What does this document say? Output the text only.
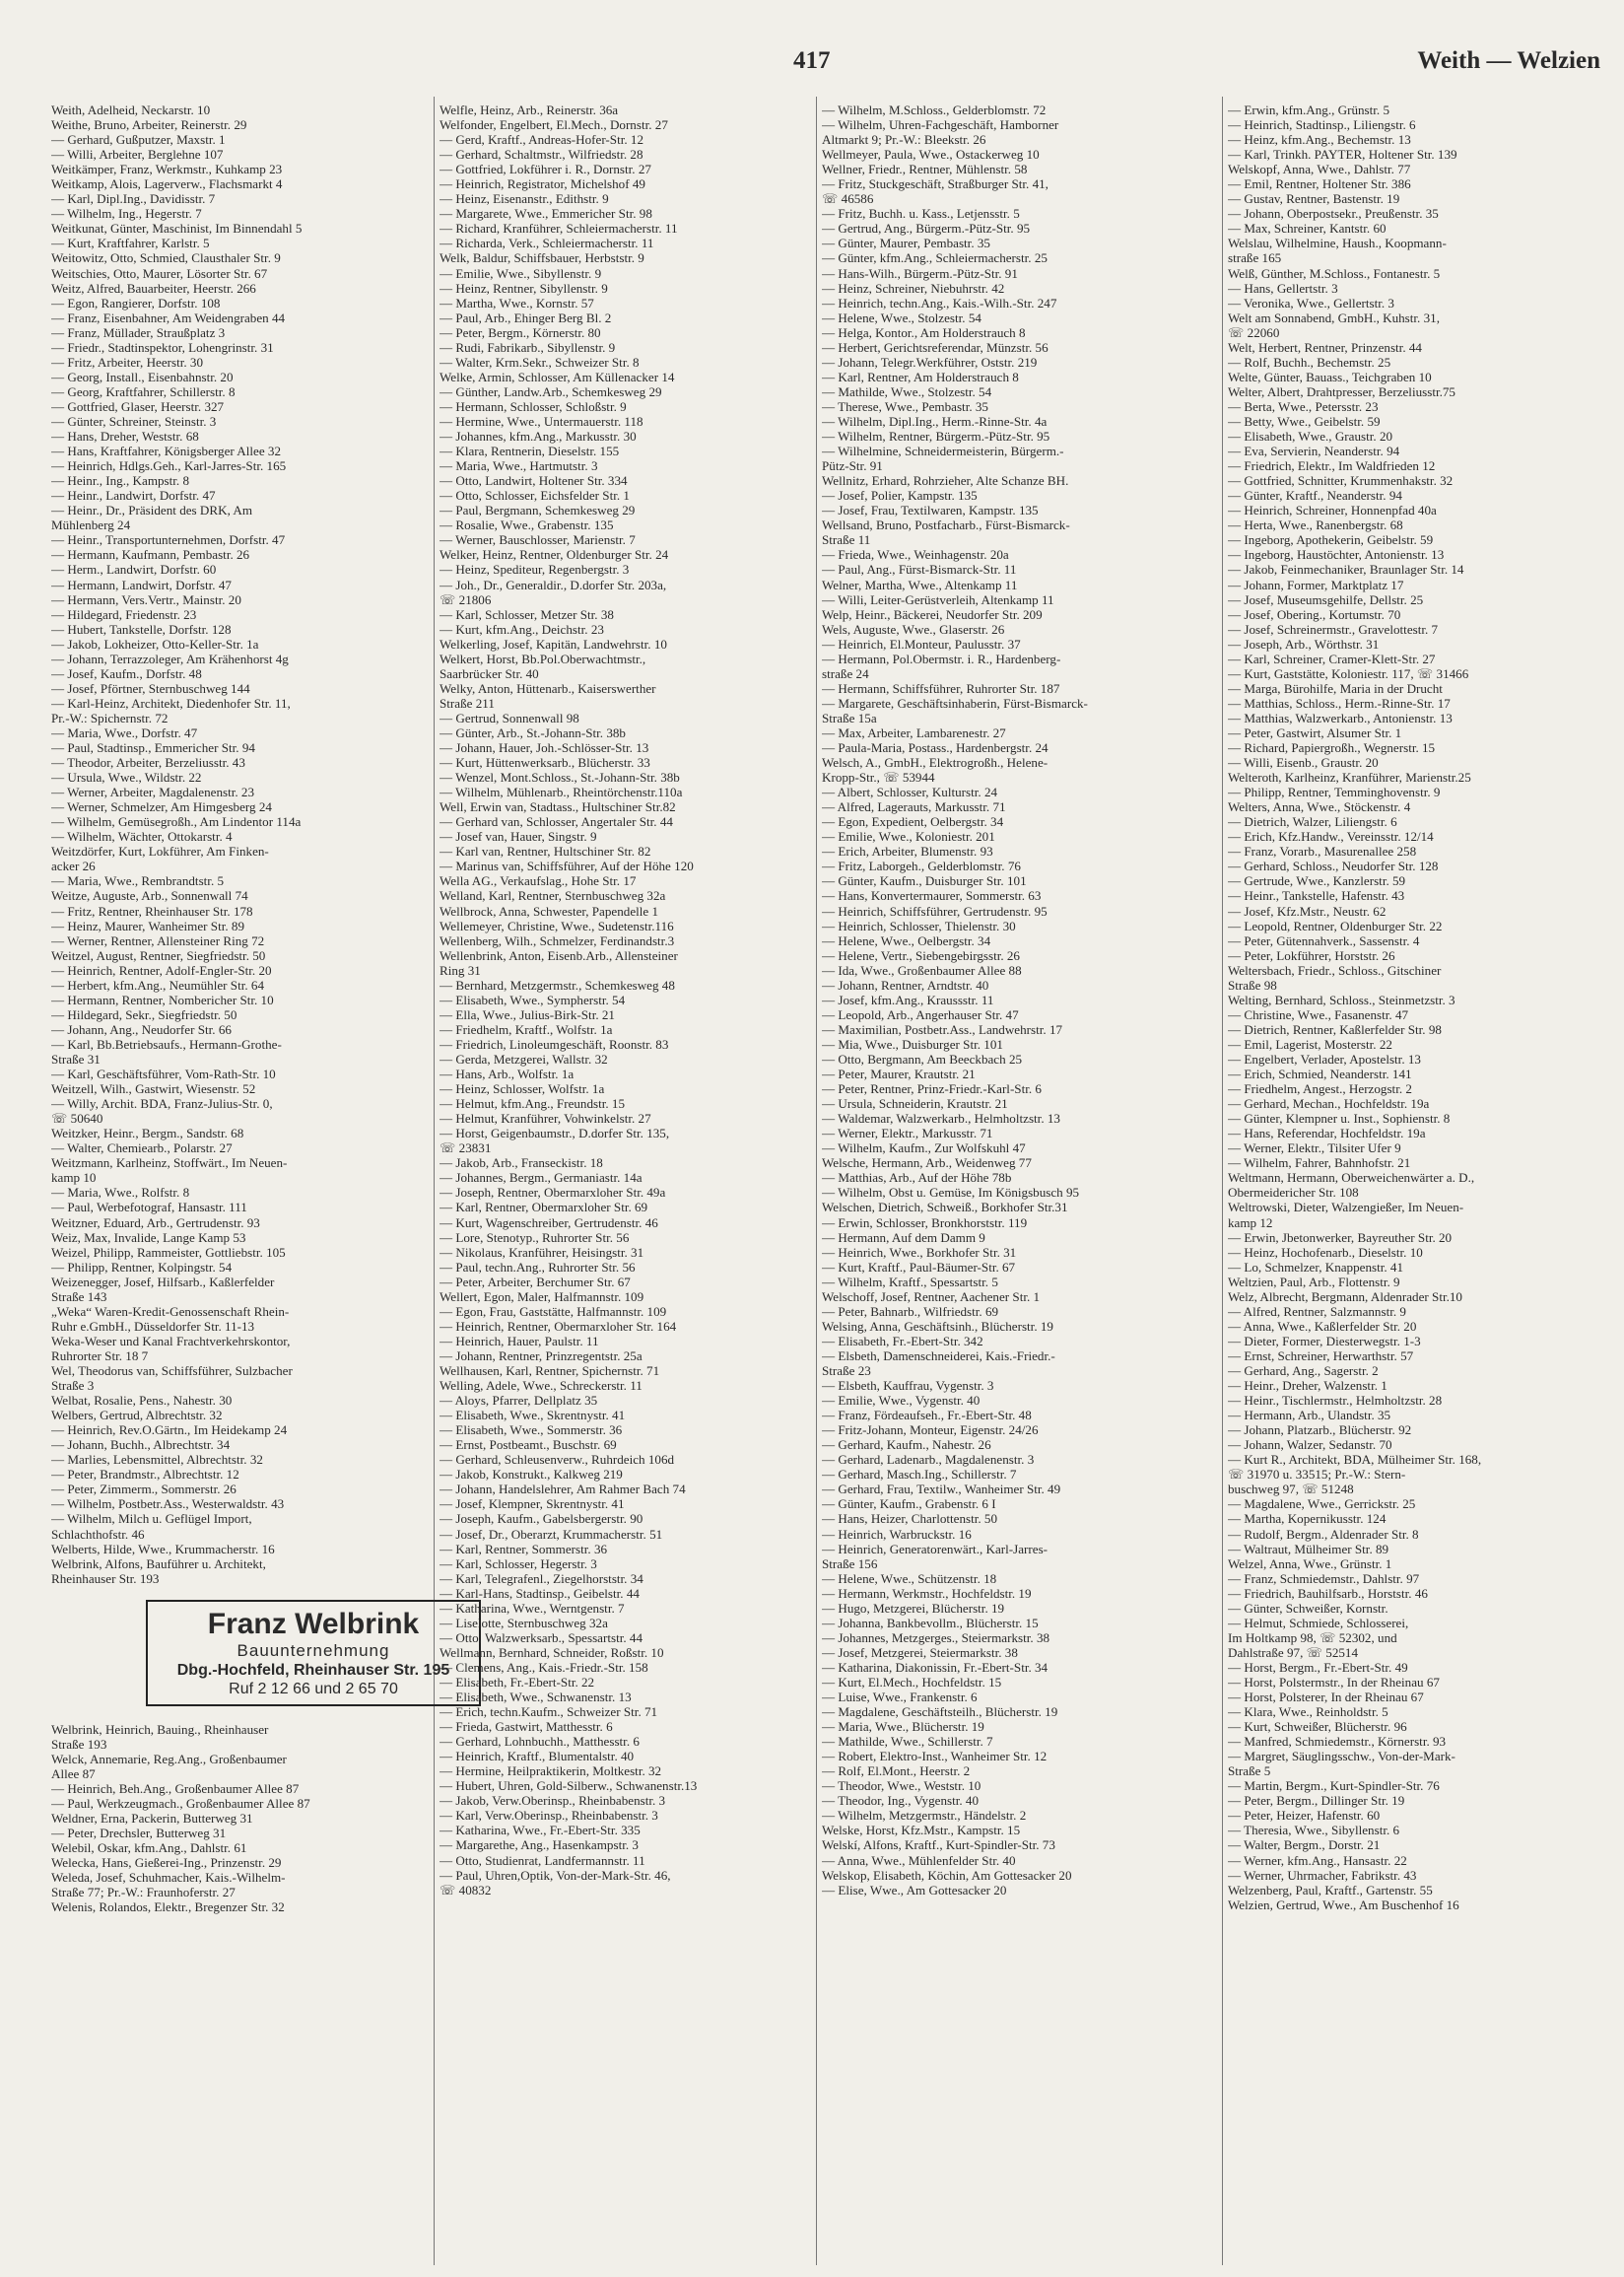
417	Weith — Welzien
Weith, Adelheid, Neckarstr. 10
Weithe, Bruno, Arbeiter, Reinerstr. 29
— Gerhard, Gußputzer, Maxstr. 1
— Willi, Arbeiter, Berglehne 107
Weitkämper, Franz, Werkmstr., Kuhkamp 23
Weitkamp, Alois, Lagerverw., Flachsmarkt 4
— Karl, Dipl.Ing., Davidisstr. 7
— Wilhelm, Ing., Hegerstr. 7
Weitkunat, Günter, Maschinist, Im Binnendahl 5
— Kurt, Kraftfahrer, Karlstr. 5
Weitowitz, Otto, Schmied, Clausthaler Str. 9
Weitschies, Otto, Maurer, Lösorter Str. 67
Weitz, Alfred, Bauarbeiter, Heerstr. 266
— Egon, Rangierer, Dorfstr. 108
— Franz, Eisenbahner, Am Weidengraben 44
— Franz, Müllader, Straußplatz 3
— Friedr., Stadtinspektor, Lohengrinstr. 31
— Fritz, Arbeiter, Heerstr. 30
— Georg, Install., Eisenbahnstr. 20
— Georg, Kraftfahrer, Schillerstr. 8
— Gottfried, Glaser, Heerstr. 327
— Günter, Schreiner, Steinstr. 3
— Hans, Dreher, Weststr. 68
— Hans, Kraftfahrer, Königsberger Allee 32
— Heinrich, Hdlgs.Geh., Karl-Jarres-Str. 165
— Heinr., Ing., Kampstr. 8
— Heinr., Landwirt, Dorfstr. 47
— Heinr., Dr., Präsident des DRK, Am
Mühlenberg 24
— Heinr., Transportunternehmen, Dorfstr. 47
— Hermann, Kaufmann, Pembastr. 26
— Herm., Landwirt, Dorfstr. 60
— Hermann, Landwirt, Dorfstr. 47
— Hermann, Vers.Vertr., Mainstr. 20
— Hildegard, Friedenstr. 23
— Hubert, Tankstelle, Dorfstr. 128
— Jakob, Lokheizer, Otto-Keller-Str. 1a
— Johann, Terrazzoleger, Am Krähenhorst 4g
— Josef, Kaufm., Dorfstr. 48
— Josef, Pförtner, Sternbuschweg 144
— Karl-Heinz, Architekt, Diedenhofer Str. 11,
Pr.-W.: Spichernstr. 72
— Maria, Wwe., Dorfstr. 47
— Paul, Stadtinsp., Emmericher Str. 94
— Theodor, Arbeiter, Berzeliusstr. 43
— Ursula, Wwe., Wildstr. 22
— Werner, Arbeiter, Magdalenenstr. 23
— Werner, Schmelzer, Am Himgesberg 24
— Wilhelm, Gemüsegroßh., Am Lindentor 114a
— Wilhelm, Wächter, Ottokarstr. 4
Weitzdörfer, Kurt, Lokführer, Am Finken-
acker 26
— Maria, Wwe., Rembrandtstr. 5
Weitze, Auguste, Arb., Sonnenwall 74
— Fritz, Rentner, Rheinhauser Str. 178
— Heinz, Maurer, Wanheimer Str. 89
— Werner, Rentner, Allensteiner Ring 72
Weitzel, August, Rentner, Siegfriedstr. 50
— Heinrich, Rentner, Adolf-Engler-Str. 20
— Herbert, kfm.Ang., Neumühler Str. 64
— Hermann, Rentner, Nombericher Str. 10
— Hildegard, Sekr., Siegfriedstr. 50
— Johann, Ang., Neudorfer Str. 66
— Karl, Bb.Betriebsaufs., Hermann-Grothe-
Straße 31
— Karl, Geschäftsführer, Vom-Rath-Str. 10
Weitzell, Wilh., Gastwirt, Wiesenstr. 52
— Willy, Archit. BDA, Franz-Julius-Str. 0,
☏ 50640
Weitzker, Heinr., Bergm., Sandstr. 68
— Walter, Chemiearb., Polarstr. 27
Weitzmann, Karlheinz, Stoffwärt., Im Neuen-
kamp 10
— Maria, Wwe., Rolfstr. 8
— Paul, Werbefotograf, Hansastr. 111
Weitzner, Eduard, Arb., Gertrudenstr. 93
Weiz, Max, Invalide, Lange Kamp 53
Weizel, Philipp, Rammeister, Gottliebstr. 105
— Philipp, Rentner, Kolpingstr. 54
Weizenegger, Josef, Hilfsarb., Kaßlerfelder
Straße 143
„Weka“ Waren-Kredit-Genossenschaft Rhein-
Ruhr e.GmbH., Düsseldorfer Str. 11-13
Weka-Weser und Kanal Frachtverkehrskontor,
Ruhrorter Str. 18 7
Wel, Theodorus van, Schiffsführer, Sulzbacher
Straße 3
Welbat, Rosalie, Pens., Nahestr. 30
Welbers, Gertrud, Albrechtstr. 32
— Heinrich, Rev.O.Gärtn., Im Heidekamp 24
— Johann, Buchh., Albrechtstr. 34
— Marlies, Lebensmittel, Albrechtstr. 32
— Peter, Brandmstr., Albrechtstr. 12
— Peter, Zimmerm., Sommerstr. 26
— Wilhelm, Postbetr.Ass., Westerwaldstr. 43
— Wilhelm, Milch u. Geflügel Import,
Schlachthofstr. 46
Welberts, Hilde, Wwe., Krummacherstr. 16
Welbrink, Alfons, Bauführer u. Architekt,
Rheinhauser Str. 193
Franz Welbrink
Bauunternehmung
Dbg.-Hochfeld, Rheinhauser Str. 195
Ruf 2 12 66 und 2 65 70
Welbrink, Heinrich, Bauing., Rheinhauser
Straße 193
Welck, Annemarie, Reg.Ang., Großenbaumer
Allee 87
— Heinrich, Beh.Ang., Großenbaumer Allee 87
— Paul, Werkzeugmach., Großenbaumer Allee 87
Weldner, Erna, Packerin, Butterweg 31
— Peter, Drechsler, Butterweg 31
Welebil, Oskar, kfm.Ang., Dahlstr. 61
Welecka, Hans, Gießerei-Ing., Prinzenstr. 29
Weleda, Josef, Schuhmacher, Kais.-Wilhelm-
Straße 77; Pr.-W.: Fraunhoferstr. 27
Welenis, Rolandos, Elektr., Bregenzer Str. 32
Welfle, Heinz, Arb., Reinerstr. 36a
Welfonder, Engelbert, El.Mech., Dornstr. 27
— Gerd, Kraftf., Andreas-Hofer-Str. 12
— Gerhard, Schaltmstr., Wilfriedstr. 28
— Gottfried, Lokführer i. R., Dornstr. 27
— Heinrich, Registrator, Michelshof 49
— Heinz, Eisenanstr., Edithstr. 9
— Margarete, Wwe., Emmericher Str. 98
— Richard, Kranführer, Schleiermacherstr. 11
— Richarda, Verk., Schleiermacherstr. 11
Welk, Baldur, Schiffsbauer, Herbststr. 9
— Emilie, Wwe., Sibyllenstr. 9
— Heinz, Rentner, Sibyllenstr. 9
— Martha, Wwe., Kornstr. 57
— Paul, Arb., Ehinger Berg Bl. 2
— Peter, Bergm., Körnerstr. 80
— Rudi, Fabrikarb., Sibyllenstr. 9
— Walter, Krm.Sekr., Schweizer Str. 8
Welke, Armin, Schlosser, Am Küllenacker 14
— Günther, Landw.Arb., Schemkesweg 29
— Hermann, Schlosser, Schloßstr. 9
— Hermine, Wwe., Untermauerstr. 118
— Johannes, kfm.Ang., Markusstr. 30
— Klara, Rentnerin, Dieselstr. 155
— Maria, Wwe., Hartmutstr. 3
— Otto, Landwirt, Holtener Str. 334
— Otto, Schlosser, Eichsfelder Str. 1
— Paul, Bergmann, Schemkesweg 29
— Rosalie, Wwe., Grabenstr. 135
— Werner, Bauschlosser, Marienstr. 7
Welker, Heinz, Rentner, Oldenburger Str. 24
— Heinz, Spediteur, Regenbergstr. 3
— Joh., Dr., Generaldir., D.dorfer Str. 203a,
☏ 21806
— Karl, Schlosser, Metzer Str. 38
— Kurt, kfm.Ang., Deichstr. 23
Welkerling, Josef, Kapitän, Landwehrstr. 10
Welkert, Horst, Bb.Pol.Oberwachtmstr.,
Saarbrücker Str. 40
Welky, Anton, Hüttenarb., Kaiserswerther
Straße 211
— Gertrud, Sonnenwall 98
— Günter, Arb., St.-Johann-Str. 38b
— Johann, Hauer, Joh.-Schlösser-Str. 13
— Kurt, Hüttenwerksarb., Blücherstr. 33
— Wenzel, Mont.Schloss., St.-Johann-Str. 38b
— Wilhelm, Mühlenarb., Rheintörchenstr.110a
Well, Erwin van, Stadtass., Hultschiner Str.82
— Gerhard van, Schlosser, Angertaler Str. 44
— Josef van, Hauer, Singstr. 9
— Karl van, Rentner, Hultschiner Str. 82
— Marinus van, Schiffsführer, Auf der Höhe 120
Wella AG., Verkaufslag., Hohe Str. 17
Welland, Karl, Rentner, Sternbuschweg 32a
Wellbrock, Anna, Schwester, Papendelle 1
Wellemeyer, Christine, Wwe., Sudetenstr.116
Wellenberg, Wilh., Schmelzer, Ferdinandstr.3
Wellenbrink, Anton, Eisenb.Arb., Allensteiner
Ring 31
— Bernhard, Metzgermstr., Schemkesweg 48
— Elisabeth, Wwe., Sympherstr. 54
— Ella, Wwe., Julius-Birk-Str. 21
— Friedhelm, Kraftf., Wolfstr. 1a
— Friedrich, Linoleumgeschäft, Roonstr. 83
— Gerda, Metzgerei, Wallstr. 32
— Hans, Arb., Wolfstr. 1a
— Heinz, Schlosser, Wolfstr. 1a
— Helmut, kfm.Ang., Freundstr. 15
— Helmut, Kranführer, Vohwinkelstr. 27
— Horst, Geigenbaumstr., D.dorfer Str. 135,
☏ 23831
— Jakob, Arb., Franseckistr. 18
— Johannes, Bergm., Germaniastr. 14a
— Joseph, Rentner, Obermarxloher Str. 49a
— Karl, Rentner, Obermarxloher Str. 69
— Kurt, Wagenschreiber, Gertrudenstr. 46
— Lore, Stenotyp., Ruhrorter Str. 56
— Nikolaus, Kranführer, Heisingstr. 31
— Paul, techn.Ang., Ruhrorter Str. 56
— Peter, Arbeiter, Berchumer Str. 67
Wellert, Egon, Maler, Halfmannstr. 109
— Egon, Frau, Gaststätte, Halfmannstr. 109
— Heinrich, Rentner, Obermarxloher Str. 164
— Heinrich, Hauer, Paulstr. 11
— Johann, Rentner, Prinzregentstr. 25a
Wellhausen, Karl, Rentner, Spichernstr. 71
Welling, Adele, Wwe., Schreckerstr. 11
— Aloys, Pfarrer, Dellplatz 35
— Elisabeth, Wwe., Skrentnystr. 41
— Elisabeth, Wwe., Sommerstr. 36
— Ernst, Postbeamt., Buschstr. 69
— Gerhard, Schleusenverw., Ruhrdeich 106d
— Jakob, Konstrukt., Kalkweg 219
— Johann, Handelslehrer, Am Rahmer Bach 74
— Josef, Klempner, Skrentnystr. 41
— Joseph, Kaufm., Gabelsbergerstr. 90
— Josef, Dr., Oberarzt, Krummacherstr. 51
— Karl, Rentner, Sommerstr. 36
— Karl, Schlosser, Hegerstr. 3
— Karl, Telegrafenl., Ziegelhorststr. 34
— Karl-Hans, Stadtinsp., Geibelstr. 44
— Katharina, Wwe., Werntgenstr. 7
— Liselotte, Sternbuschweg 32a
— Otto, Walzwerksarb., Spessartstr. 44
Wellmann, Bernhard, Schneider, Roßstr. 10
— Clemens, Ang., Kais.-Friedr.-Str. 158
— Elisabeth, Fr.-Ebert-Str. 22
— Elisabeth, Wwe., Schwanenstr. 13
— Erich, techn.Kaufm., Schweizer Str. 71
— Frieda, Gastwirt, Matthesstr. 6
— Gerhard, Lohnbuchh., Matthesstr. 6
— Heinrich, Kraftf., Blumentalstr. 40
— Hermine, Heilpraktikerin, Moltkestr. 32
— Hubert, Uhren, Gold-Silberw., Schwanenstr.13
— Jakob, Verw.Oberinsp., Rheinbabenstr. 3
— Karl, Verw.Oberinsp., Rheinbabenstr. 3
— Katharina, Wwe., Fr.-Ebert-Str. 335
— Margarethe, Ang., Hasenkampstr. 3
— Otto, Studienrat, Landfermannstr. 11
— Paul, Uhren,Optik, Von-der-Mark-Str. 46,
☏ 40832
— Wilhelm, M.Schloss., Gelderblomstr. 72
— Wilhelm, Uhren-Fachgeschäft, Hamborner
Altmarkt 9; Pr.-W.: Bleekstr. 26
Wellmeyer, Paula, Wwe., Ostackerweg 10
Wellner, Friedr., Rentner, Mühlenstr. 58
— Fritz, Stuckgeschäft, Straßburger Str. 41,
☏ 46586
— Fritz, Buchh. u. Kass., Letjensstr. 5
— Gertrud, Ang., Bürgerm.-Pütz-Str. 95
— Günter, Maurer, Pembastr. 35
— Günter, kfm.Ang., Schleiermacherstr. 25
— Hans-Wilh., Bürgerm.-Pütz-Str. 91
— Heinz, Schreiner, Niebuhrstr. 42
— Heinrich, techn.Ang., Kais.-Wilh.-Str. 247
— Helene, Wwe., Stolzestr. 54
— Helga, Kontor., Am Holderstrauch 8
— Herbert, Gerichtsreferendar, Münzstr. 56
— Johann, Telegr.Werkführer, Oststr. 219
— Karl, Rentner, Am Holderstrauch 8
— Mathilde, Wwe., Stolzestr. 54
— Therese, Wwe., Pembastr. 35
— Wilhelm, Dipl.Ing., Herm.-Rinne-Str. 4a
— Wilhelm, Rentner, Bürgerm.-Pütz-Str. 95
— Wilhelmine, Schneidermeisterin, Bürgerm.-
Pütz-Str. 91
Wellnitz, Erhard, Rohrzieher, Alte Schanze BH.
— Josef, Polier, Kampstr. 135
— Josef, Frau, Textilwaren, Kampstr. 135
Wellsand, Bruno, Postfacharb., Fürst-Bismarck-
Straße 11
— Frieda, Wwe., Weinhagenstr. 20a
— Paul, Ang., Fürst-Bismarck-Str. 11
Welner, Martha, Wwe., Altenkamp 11
— Willi, Leiter-Gerüstverleih, Altenkamp 11
Welp, Heinr., Bäckerei, Neudorfer Str. 209
Wels, Auguste, Wwe., Glaserstr. 26
— Heinrich, El.Monteur, Paulusstr. 37
— Hermann, Pol.Obermstr. i. R., Hardenberg-
straße 24
— Hermann, Schiffsführer, Ruhrorter Str. 187
— Margarete, Geschäftsinhaberin, Fürst-Bismarck-
Straße 15a
— Max, Arbeiter, Lambarenestr. 27
— Paula-Maria, Postass., Hardenbergstr. 24
Welsch, A., GmbH., Elektrogroßh., Helene-
Kropp-Str., ☏ 53944
— Albert, Schlosser, Kulturstr. 24
— Alfred, Lagerauts, Markusstr. 71
— Egon, Expedient, Oelbergstr. 34
— Emilie, Wwe., Koloniestr. 201
— Erich, Arbeiter, Blumenstr. 93
— Fritz, Laborgeh., Gelderblomstr. 76
— Günter, Kaufm., Duisburger Str. 101
— Hans, Konvertermaurer, Sommerstr. 63
— Heinrich, Schiffsführer, Gertrudenstr. 95
— Heinrich, Schlosser, Thielenstr. 30
— Helene, Wwe., Oelbergstr. 34
— Helene, Vertr., Siebengebirgsstr. 26
— Ida, Wwe., Großenbaumer Allee 88
— Johann, Rentner, Arndtstr. 40
— Josef, kfm.Ang., Kraussstr. 11
— Leopold, Arb., Angerhauser Str. 47
— Maximilian, Postbetr.Ass., Landwehrstr. 17
— Mia, Wwe., Duisburger Str. 101
— Otto, Bergmann, Am Beeckbach 25
— Peter, Maurer, Krautstr. 21
— Peter, Rentner, Prinz-Friedr.-Karl-Str. 6
— Ursula, Schneiderin, Krautstr. 21
— Waldemar, Walzwerkarb., Helmholtzstr. 13
— Werner, Elektr., Markusstr. 71
— Wilhelm, Kaufm., Zur Wolfskuhl 47
Welsche, Hermann, Arb., Weidenweg 77
— Matthias, Arb., Auf der Höhe 78b
— Wilhelm, Obst u. Gemüse, Im Königsbusch 95
Welschen, Dietrich, Schweiß., Borkhofer Str.31
— Erwin, Schlosser, Bronkhorststr. 119
— Hermann, Auf dem Damm 9
— Heinrich, Wwe., Borkhofer Str. 31
— Kurt, Kraftf., Paul-Bäumer-Str. 67
— Wilhelm, Kraftf., Spessartstr. 5
Welschoff, Josef, Rentner, Aachener Str. 1
— Peter, Bahnarb., Wilfriedstr. 69
Welsing, Anna, Geschäftsinh., Blücherstr. 19
— Elisabeth, Fr.-Ebert-Str. 342
— Elsbeth, Damenschneiderei, Kais.-Friedr.-
Straße 23
— Elsbeth, Kauffrau, Vygenstr. 3
— Emilie, Wwe., Vygenstr. 40
— Franz, Fördeaufseh., Fr.-Ebert-Str. 48
— Fritz-Johann, Monteur, Eigenstr. 24/26
— Gerhard, Kaufm., Nahestr. 26
— Gerhard, Ladenarb., Magdalenenstr. 3
— Gerhard, Masch.Ing., Schillerstr. 7
— Gerhard, Frau, Textilw., Wanheimer Str. 49
— Günter, Kaufm., Grabenstr. 6 I
— Hans, Heizer, Charlottenstr. 50
— Heinrich, Warbruckstr. 16
— Heinrich, Generatorenwärt., Karl-Jarres-
Straße 156
— Helene, Wwe., Schützenstr. 18
— Hermann, Werkmstr., Hochfeldstr. 19
— Hugo, Metzgerei, Blücherstr. 19
— Johanna, Bankbevollm., Blücherstr. 15
— Johannes, Metzgerges., Steiermarkstr. 38
— Josef, Metzgerei, Steiermarkstr. 38
— Katharina, Diakonissin, Fr.-Ebert-Str. 34
— Kurt, El.Mech., Hochfeldstr. 15
— Luise, Wwe., Frankenstr. 6
— Magdalene, Geschäftsteilh., Blücherstr. 19
— Maria, Wwe., Blücherstr. 19
— Mathilde, Wwe., Schillerstr. 7
— Robert, Elektro-Inst., Wanheimer Str. 12
— Rolf, El.Mont., Heerstr. 2
— Theodor, Wwe., Weststr. 10
— Theodor, Ing., Vygenstr. 40
— Wilhelm, Metzgermstr., Händelstr. 2
Welske, Horst, Kfz.Mstr., Kampstr. 15
Welskí, Alfons, Kraftf., Kurt-Spindler-Str. 73
— Anna, Wwe., Mühlenfelder Str. 40
Welskop, Elisabeth, Köchin, Am Gottesacker 20
— Elise, Wwe., Am Gottesacker 20
— Erwin, kfm.Ang., Grünstr. 5
— Heinrich, Stadtinsp., Liliengstr. 6
— Heinz, kfm.Ang., Bechemstr. 13
— Karl, Trinkh. PAYTER, Holtener Str. 139
Welskopf, Anna, Wwe., Dahlstr. 77
— Emil, Rentner, Holtener Str. 386
— Gustav, Rentner, Bastenstr. 19
— Johann, Oberpostsekr., Preußenstr. 35
— Max, Schreiner, Kantstr. 60
Welslau, Wilhelmine, Haush., Koopmann-
straße 165
Welß, Günther, M.Schloss., Fontanestr. 5
— Hans, Gellertstr. 3
— Veronika, Wwe., Gellertstr. 3
Welt am Sonnabend, GmbH., Kuhstr. 31,
☏ 22060
Welt, Herbert, Rentner, Prinzenstr. 44
— Rolf, Buchh., Bechemstr. 25
Welte, Günter, Bauass., Teichgraben 10
Welter, Albert, Drahtpresser, Berzeliusstr.75
— Berta, Wwe., Petersstr. 23
— Betty, Wwe., Geibelstr. 59
— Elisabeth, Wwe., Graustr. 20
— Eva, Servierin, Neanderstr. 94
— Friedrich, Elektr., Im Waldfrieden 12
— Gottfried, Schnitter, Krummenhakstr. 32
— Günter, Kraftf., Neanderstr. 94
— Heinrich, Schreiner, Honnenpfad 40a
— Herta, Wwe., Ranenbergstr. 68
— Ingeborg, Apothekerin, Geibelstr. 59
— Ingeborg, Haustöchter, Antonienstr. 13
— Jakob, Feinmechaniker, Braunlager Str. 14
— Johann, Former, Marktplatz 17
— Josef, Museumsgehilfe, Dellstr. 25
— Josef, Obering., Kortumstr. 70
— Josef, Schreinermstr., Gravelottestr. 7
— Joseph, Arb., Wörthstr. 31
— Karl, Schreiner, Cramer-Klett-Str. 27
— Kurt, Gaststätte, Koloniestr. 117, ☏ 31466
— Marga, Bürohilfe, Maria in der Drucht
— Matthias, Schloss., Herm.-Rinne-Str. 17
— Matthias, Walzwerkarb., Antonienstr. 13
— Peter, Gastwirt, Alsumer Str. 1
— Richard, Papiergroßh., Wegnerstr. 15
— Willi, Eisenb., Graustr. 20
Welteroth, Karlheinz, Kranführer, Marienstr.25
— Philipp, Rentner, Temminghovenstr. 9
Welters, Anna, Wwe., Stöckenstr. 4
— Dietrich, Walzer, Liliengstr. 6
— Erich, Kfz.Handw., Vereinsstr. 12/14
— Franz, Vorarb., Masurenallee 258
— Gerhard, Schloss., Neudorfer Str. 128
— Gertrude, Wwe., Kanzlerstr. 59
— Heinr., Tankstelle, Hafenstr. 43
— Josef, Kfz.Mstr., Neustr. 62
— Leopold, Rentner, Oldenburger Str. 22
— Peter, Gütennahverk., Sassenstr. 4
— Peter, Lokführer, Horststr. 26
Weltersbach, Friedr., Schloss., Gitschiner
Straße 98
Welting, Bernhard, Schloss., Steinmetzstr. 3
— Christine, Wwe., Fasanenstr. 47
— Dietrich, Rentner, Kaßlerfelder Str. 98
— Emil, Lagerist, Mosterstr. 22
— Engelbert, Verlader, Apostelstr. 13
— Erich, Schmied, Neanderstr. 141
— Friedhelm, Angest., Herzogstr. 2
— Gerhard, Mechan., Hochfeldstr. 19a
— Günter, Klempner u. Inst., Sophienstr. 8
— Hans, Referendar, Hochfeldstr. 19a
— Werner, Elektr., Tilsiter Ufer 9
— Wilhelm, Fahrer, Bahnhofstr. 21
Weltmann, Hermann, Oberweichenwärter a. D.,
Obermeidericher Str. 108
Weltrowski, Dieter, Walzengießer, Im Neuen-
kamp 12
— Erwin, Jbetonwerker, Bayreuther Str. 20
— Heinz, Hochofenarb., Dieselstr. 10
— Lo, Schmelzer, Knappenstr. 41
Weltzien, Paul, Arb., Flottenstr. 9
Welz, Albrecht, Bergmann, Aldenrader Str.10
— Alfred, Rentner, Salzmannstr. 9
— Anna, Wwe., Kaßlerfelder Str. 20
— Dieter, Former, Diesterwegstr. 1-3
— Ernst, Schreiner, Herwarthstr. 57
— Gerhard, Ang., Sagerstr. 2
— Heinr., Dreher, Walzenstr. 1
— Heinr., Tischlermstr., Helmholtzstr. 28
— Hermann, Arb., Ulandstr. 35
— Johann, Platzarb., Blücherstr. 92
— Johann, Walzer, Sedanstr. 70
— Kurt R., Architekt, BDA, Mülheimer Str. 168,
☏ 31970 u. 33515; Pr.-W.: Stern-
buschweg 97, ☏ 51248
— Magdalene, Wwe., Gerrickstr. 25
— Martha, Kopernikusstr. 124
— Rudolf, Bergm., Aldenrader Str. 8
— Waltraut, Mülheimer Str. 89
Welzel, Anna, Wwe., Grünstr. 1
— Franz, Schmiedemstr., Dahlstr. 97
— Friedrich, Bauhilfsarb., Horststr. 46
— Günter, Schweißer, Kornstr.
— Helmut, Schmiede, Schlosserei,
Im Holtkamp 98, ☏ 52302, und
Dahlstraße 97, ☏ 52514
— Horst, Bergm., Fr.-Ebert-Str. 49
— Horst, Polstermstr., In der Rheinau 67
— Horst, Polsterer, In der Rheinau 67
— Klara, Wwe., Reinholdstr. 5
— Kurt, Schweißer, Blücherstr. 96
— Manfred, Schmiedemstr., Körnerstr. 93
— Margret, Säuglingsschw., Von-der-Mark-
Straße 5
— Martin, Bergm., Kurt-Spindler-Str. 76
— Peter, Bergm., Dillinger Str. 19
— Peter, Heizer, Hafenstr. 60
— Theresia, Wwe., Sibyllenstr. 6
— Walter, Bergm., Dorstr. 21
— Werner, kfm.Ang., Hansastr. 22
— Werner, Uhrmacher, Fabrikstr. 43
Welzenberg, Paul, Kraftf., Gartenstr. 55
Welzien, Gertrud, Wwe., Am Buschenhof 16
